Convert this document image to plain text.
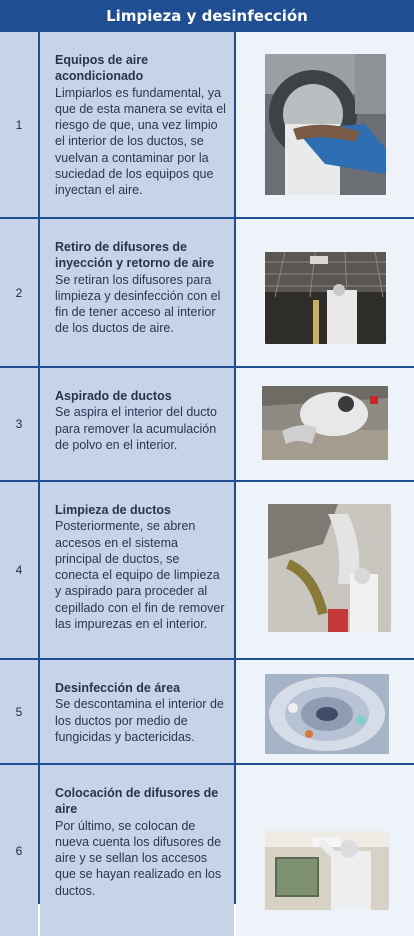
Limpieza y desinfección
1
Equipos de aire acondicionado
Limpiarlos es fundamental, ya que de esta manera se evita el riesgo de que, una vez limpio el interior de los ductos, se vuelvan a contaminar por la suciedad de los equipos que inyectan el aire.
2
Retiro de difusores de inyección y retorno de aire
Se retiran los difusores para limpieza y desinfección con el fin de tener acceso al interior de los ductos de aire.
3
Aspirado de ductos
Se aspira el interior del ducto para remover la acumulación de polvo en el interior.
4
Limpieza de ductos
Posteriormente, se abren accesos en el sistema principal de ductos, se conecta el equipo de limpieza y aspirado para proceder al cepillado con el fin de remover las impurezas en el interior.
5
Desinfección de área
Se descontamina el interior de los ductos por medio de fungicidas y bactericidas.
6
Colocación de difusores de aire
Por último, se colocan de nueva cuenta los difusores de aire y se sellan los accesos que se hayan realizado en los ductos.
